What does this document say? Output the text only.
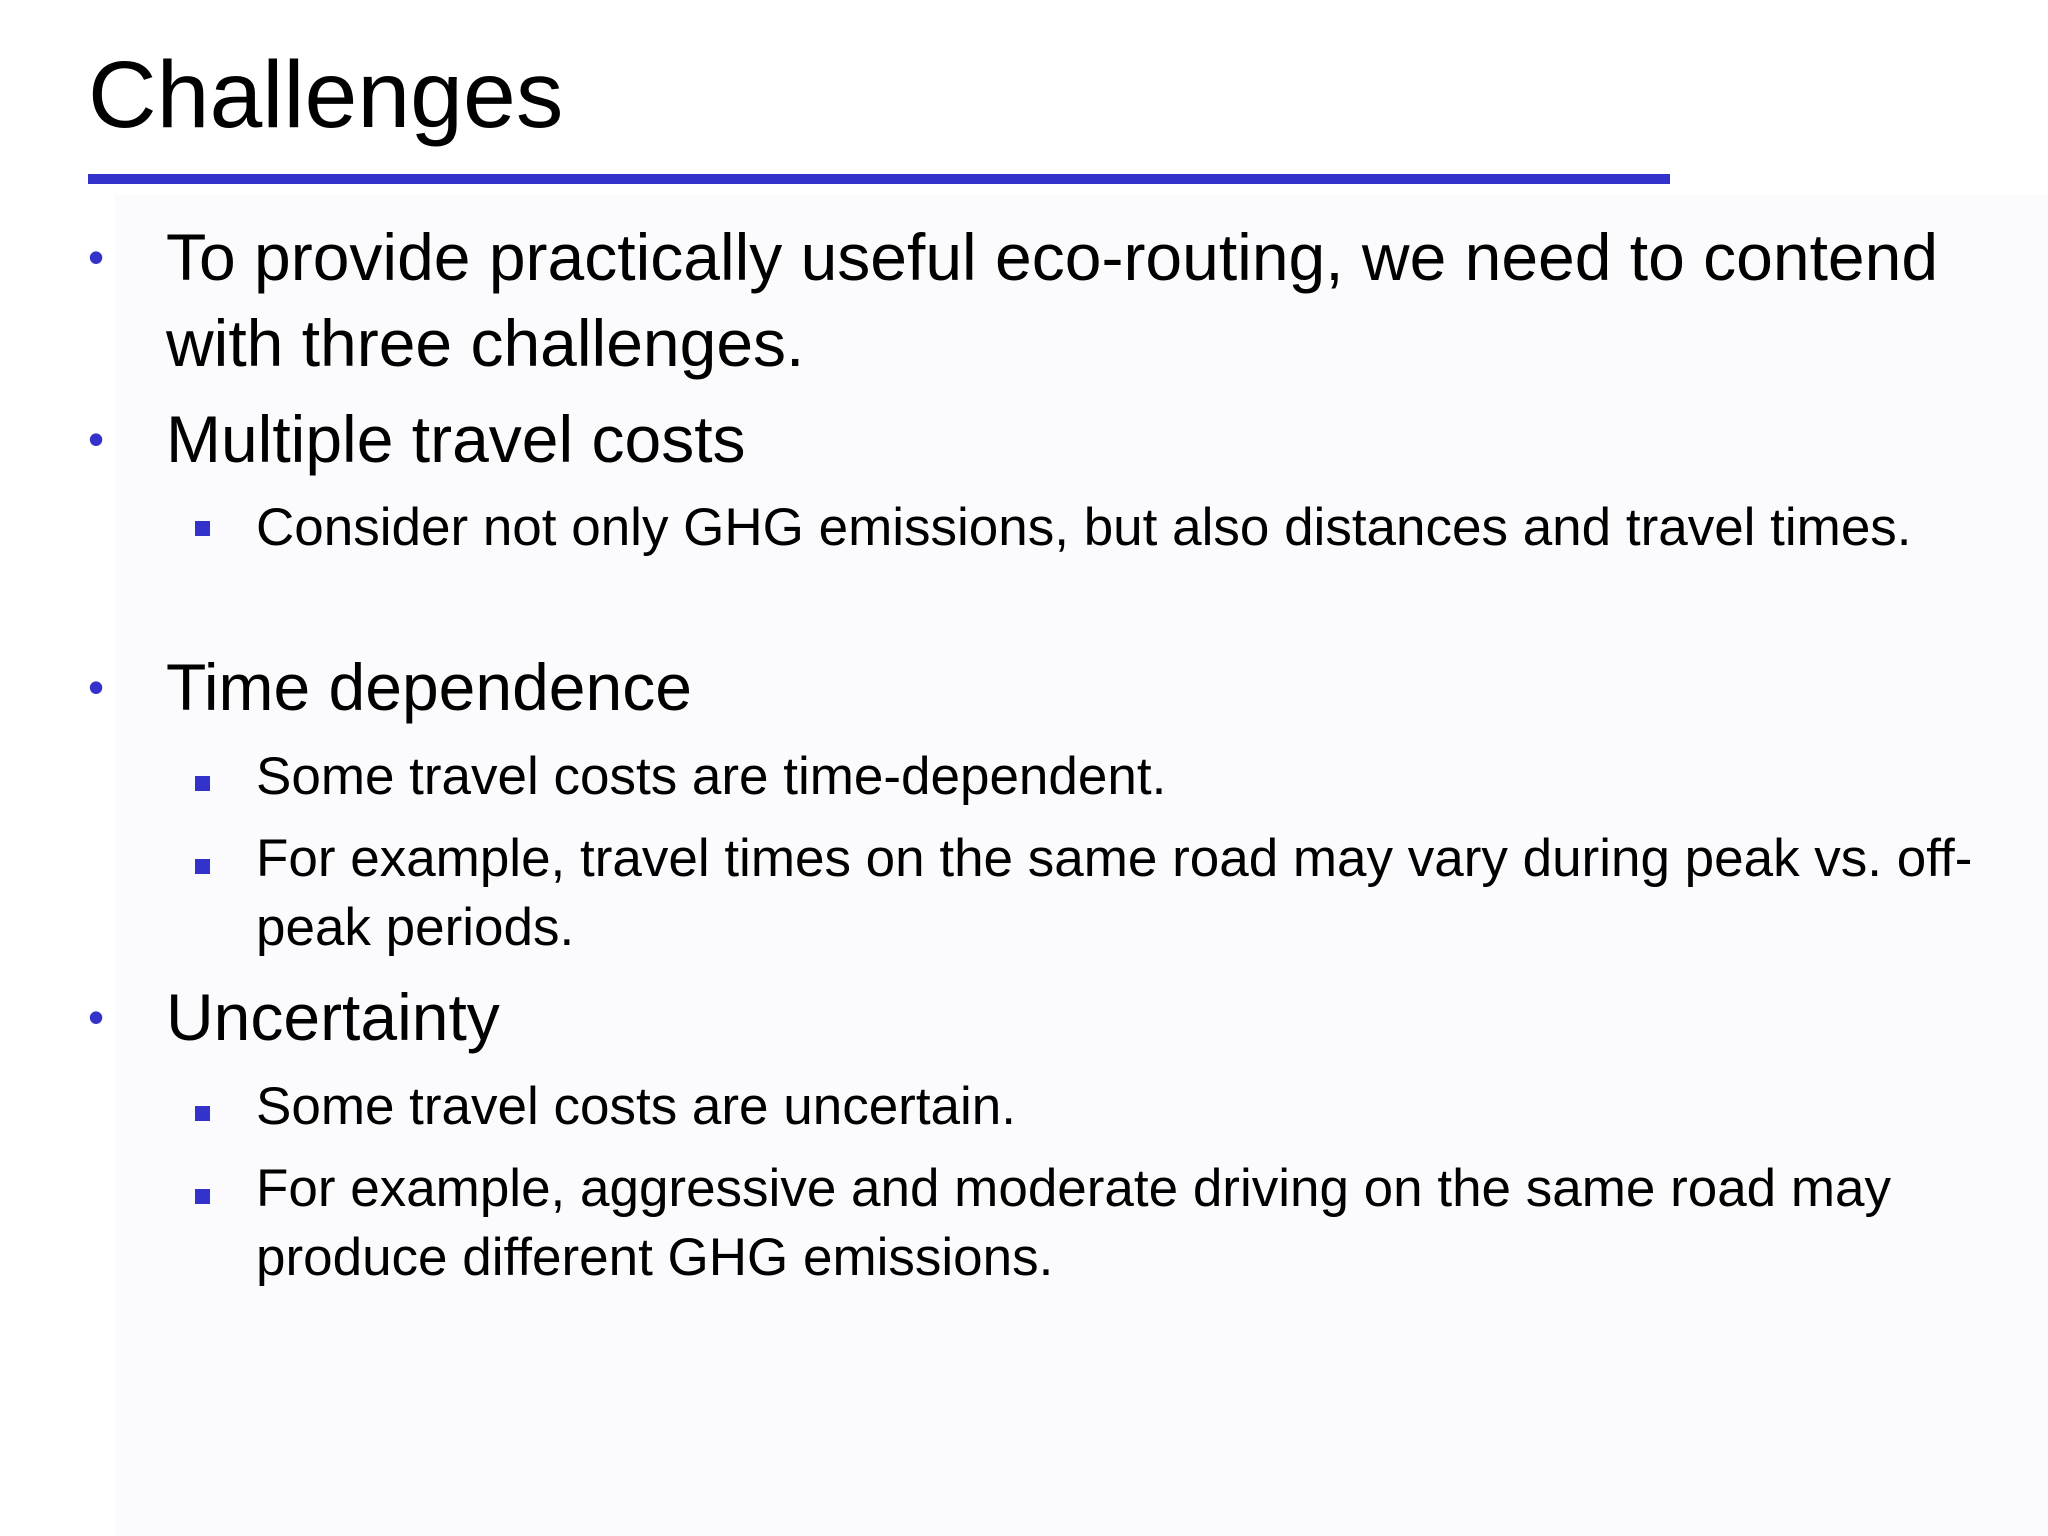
Challenges
• To provide practically useful eco-routing, we need to contend with three challenges.
• Multiple travel costs
Consider not only GHG emissions, but also distances and travel times.
• Time dependence
Some travel costs are time-dependent.
For example, travel times on the same road may vary during peak vs. off-peak periods.
• Uncertainty
Some travel costs are uncertain.
For example, aggressive and moderate driving on the same road may produce different GHG emissions.
